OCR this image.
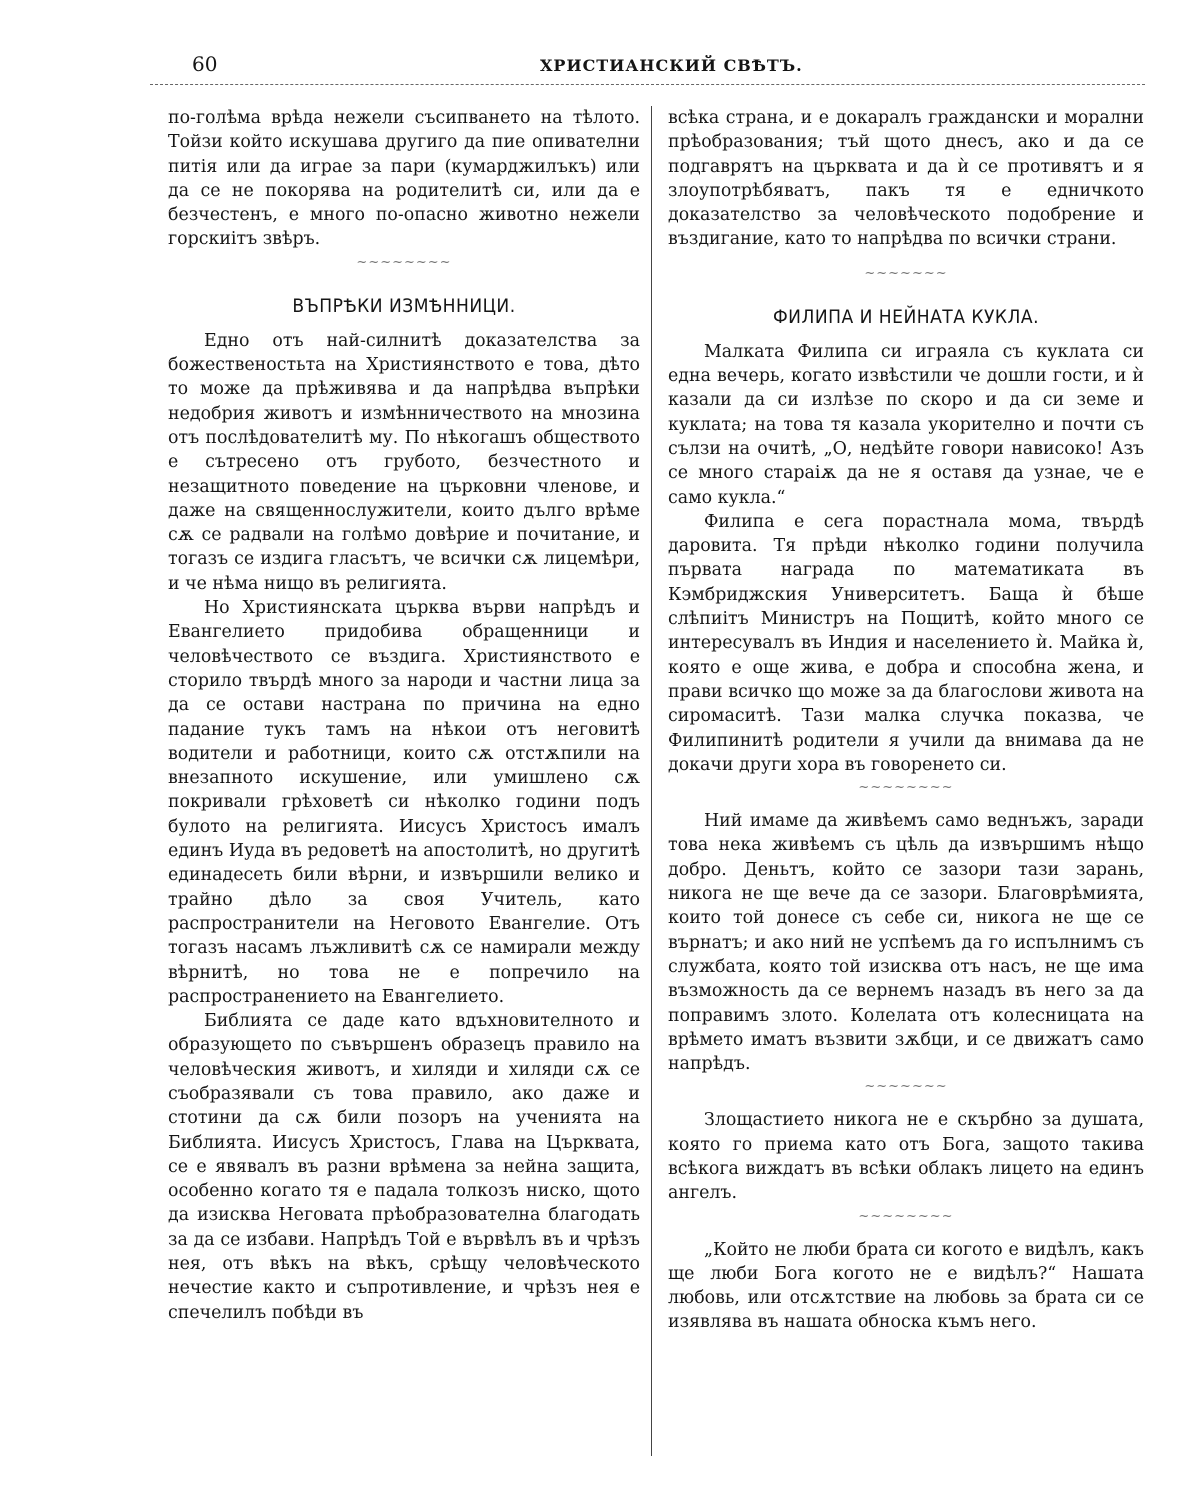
60	ХРИСТИАНСКИЙ СВѢТЪ.

по-голѣма врѣда нежели съсипването на тѣлото. Тойзи който искушава другиго да пие опивателни питія или да играе за пари (кумарджилъкъ) или да се не покорява на родителитѣ си, или да е безчестенъ, е много по-опасно животно нежели горскиiтъ звѣръ.

~~~~~~~~
ВЪПРѢКИ ИЗМѢННИЦИ.

Едно отъ най-силнитѣ доказателства за божественостьта на Християнството е това, дѣто то може да прѣживява и да напрѣдва въпрѣки недобрия животъ и измѣнничеството на мнозина отъ послѣдователитѣ му. По нѣкогашъ обществото е сътресено отъ грубото, безчестното и незащитното поведение на църковни членове, и даже на священнослужители, които дълго врѣме сѫ се радвали на голѣмо довѣрие и почитание, и тогазъ се издига гласътъ, че всички сѫ лицемѣри, и че нѣма нищо въ религията.

Но Християнската църква върви напрѣдъ и Евангелието придобива обращенници и человѣчеството се въздига. Християнството е сторило твърдѣ много за народи и частни лица за да се остави настрана по причина на едно падание тукъ тамъ на нѣкои отъ неговитѣ водители и работници, които сѫ отстѫпили на внезапното искушение, или умишлено сѫ покривали грѣховетѣ си нѣколко години подъ булото на религията. Иисусъ Христосъ ималъ единъ Иуда въ редоветѣ на апостолитѣ, но другитѣ единадесеть били вѣрни, и извършили велико и трайно дѣло за своя Учитель, като распространители на Неговото Евангелие. Отъ тогазъ насамъ лъжливитѣ сѫ се намирали между вѣрнитѣ, но това не е попречило на распространението на Евангелието.

Библията се даде като вдъхновителното и образующето по съвършенъ образецъ правило на человѣческия животъ, и хиляди и хиляди сѫ се съобразявали съ това правило, ако даже и стотини да сѫ били позоръ на учениятa на Библията. Иисусъ Христосъ, Глава на Църквата, се е явявалъ въ разни врѣмена за нейна защита, особенно когато тя е падала толкозъ ниско, щото да изисква Неговата прѣобразователна благодать за да се избави. Напрѣдъ Той е вървѣлъ въ и чрѣзъ нея, отъ вѣкъ на вѣкъ, срѣщу человѣческото нечестие както и съпротивление, и чрѣзъ нея е спечелилъ побѣди въ

всѣка страна, и е докаралъ граждански и морални прѣобразования; тъй щото днесъ, ако и да се подгаврятъ на църквата и да ѝ се противятъ и я злоупотрѣбяватъ, пакъ тя е едничкото доказателство за человѣческото подобрение и въздигание, като то напрѣдва по всички страни.

~~~~~~~
ФИЛИПА И НЕЙНАТА КУКЛА.

Малката Филипа си играяла съ куклата си една вечерь, когато извѣстили че дошли гости, и ѝ казали да си излѣзе по скоро и да си земе и куклата; на това тя казала укорително и почти съ сълзи на очитѣ, „О, недѣйте говори нависоко! Азъ се много стараіѫ да не я оставя да узнае, че е само кукла.“

Филипа е сега порастнала мома, твърдѣ даровита. Тя прѣди нѣколко години получила първата награда по математиката въ Кэмбриджския Университетъ. Баща ѝ бѣше слѣпиiтъ Министръ на Пощитѣ, който много се интересувалъ въ Индия и населението ѝ. Майка ѝ, която е още жива, е добра и способна жена, и прави всичко що може за да благослови живота на сиромаситѣ. Тази малка случка показва, че Филипинитѣ родители я учили да внимава да не докачи други хора въ говоренето си.

~~~~~~~~

Ний имаме да живѣемъ само веднъжъ, заради това нека живѣемъ съ цѣль да извършимъ нѣщо добро. Деньтъ, който се зазори тази зарань, никога не ще вече да се зазори. Благоврѣмията, които той донесе съ себе си, никога не ще се върнатъ; и ако ний не успѣемъ да го испълнимъ съ службата, която той изисква отъ насъ, не ще има възможность да се вернемъ назадъ въ него за да поправимъ злото. Колелата отъ колесницата на врѣмето иматъ възвити зѫбци, и се движатъ само напрѣдъ.

~~~~~~~

Злощастието никога не е скърбно за душата, която го приема като отъ Бога, защото такива всѣкога виждатъ въ всѣки облакъ лицето на единъ ангелъ.

~~~~~~~~

„Който не люби брата си когото е видѣлъ, какъ ще люби Бога когото не е видѣлъ?“ Нашата любовь, или отсѫтствие на любовь за брата си се изявлява въ нашата обноска къмъ него.
